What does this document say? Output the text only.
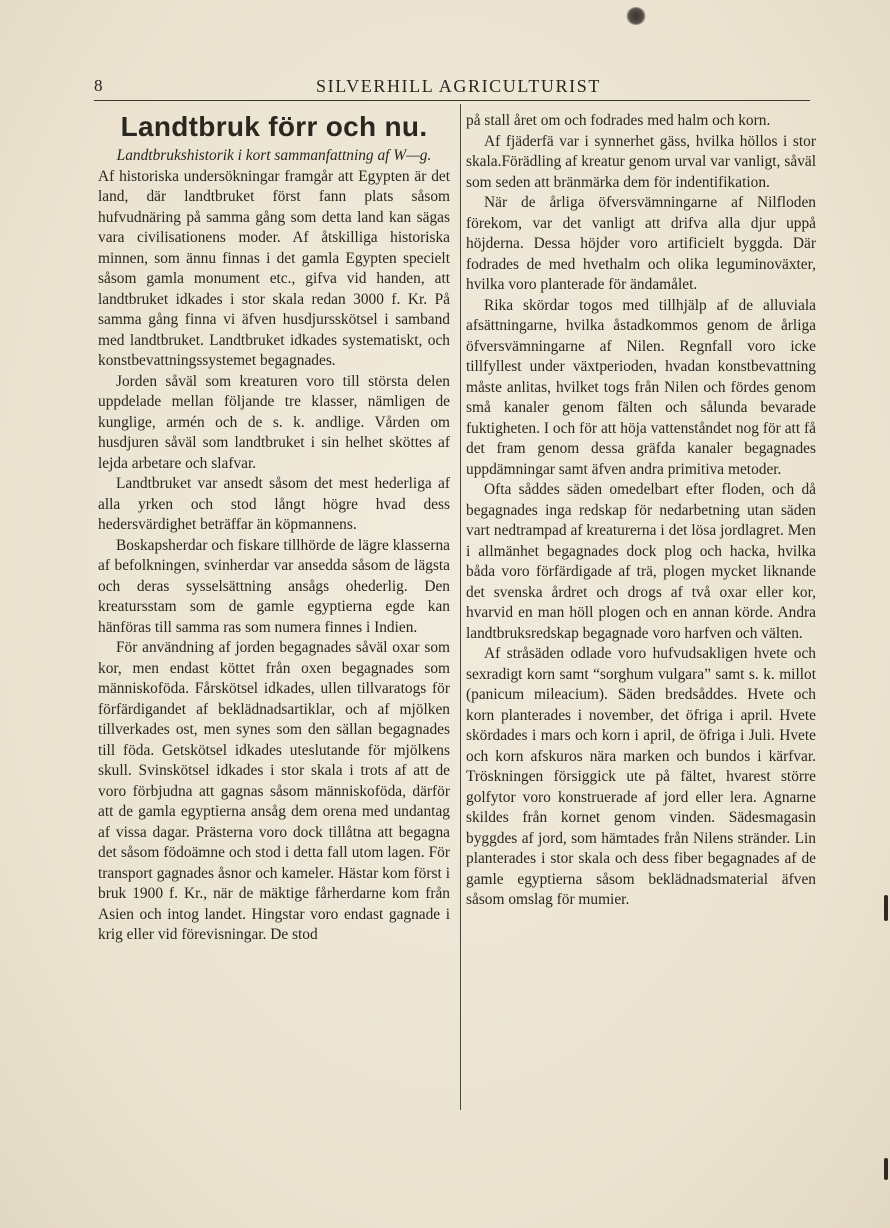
8	SILVERHILL AGRICULTURIST
Landtbruk förr och nu.

Landtbrukshistorik i kort sammanfattning af W—g.

Af historiska undersökningar framgår att Egypten är det land, där landtbruket först fann plats såsom hufvudnäring på samma gång som detta land kan sägas vara civilisationens moder. Af åtskilliga historiska minnen, som ännu finnas i det gamla Egypten specielt såsom gamla monument etc., gifva vid handen, att landtbruket idkades i stor skala redan 3000 f. Kr. På samma gång finna vi äfven husdjursskötsel i samband med landtbruket. Landtbruket idkades systematiskt, och konstbevattningssystemet begagnades.

Jorden såväl som kreaturen voro till största delen uppdelade mellan följande tre klasser, nämligen de kunglige, armén och de s. k. andlige. Vården om husdjuren såväl som landtbruket i sin helhet sköttes af lejda arbetare och slafvar.

Landtbruket var ansedt såsom det mest hederliga af alla yrken och stod långt högre hvad dess hedersvärdighet beträffar än köpmannens.

Boskapsherdar och fiskare tillhörde de lägre klasserna af befolkningen, svinherdar var ansedda såsom de lägsta och deras sysselsättning ansågs ohederlig. Den kreatursstam som de gamle egyptierna egde kan hänföras till samma ras som numera finnes i Indien.

För användning af jorden begagnades såväl oxar som kor, men endast köttet från oxen begagnades som människoföda. Fårskötsel idkades, ullen tillvaratogs för förfärdigandet af beklädnadsartiklar, och af mjölken tillverkades ost, men synes som den sällan begagnades till föda. Getskötsel idkades uteslutande för mjölkens skull. Svinskötsel idkades i stor skala i trots af att de voro förbjudna att gagnas såsom människoföda, därför att de gamla egyptierna ansåg dem orena med undantag af vissa dagar. Prästerna voro dock tillåtna att begagna det såsom födoämne och stod i detta fall utom lagen. För transport gagnades åsnor och kameler. Hästar kom först i bruk 1900 f. Kr., när de mäktige fårherdarne kom från Asien och intog landet. Hingstar voro endast gagnade i krig eller vid förevisningar. De stod

på stall året om och fodrades med halm och korn.

Af fjäderfä var i synnerhet gäss, hvilka höllos i stor skala.Förädling af kreatur genom urval var vanligt, såväl som seden att bränmärka dem för indentifikation.

När de årliga öfversvämningarne af Nilfloden förekom, var det vanligt att drifva alla djur uppå höjderna. Dessa höjder voro artificielt byggda. Där fodrades de med hvethalm och olika leguminoväxter, hvilka voro planterade för ändamålet.

Rika skördar togos med tillhjälp af de alluviala afsättningarne, hvilka åstadkommos genom de årliga öfversvämningarne af Nilen. Regnfall voro icke tillfyllest under växtperioden, hvadan konstbevattning måste anlitas, hvilket togs från Nilen och fördes genom små kanaler genom fälten och sålunda bevarade fuktigheten. I och för att höja vattenståndet nog för att få det fram genom dessa gräfda kanaler begagnades uppdämningar samt äfven andra primitiva metoder.

Ofta såddes säden omedelbart efter floden, och då begagnades inga redskap för nedarbetning utan säden vart nedtrampad af kreaturerna i det lösa jordlagret. Men i allmänhet begagnades dock plog och hacka, hvilka båda voro förfärdigade af trä, plogen mycket liknande det svenska årdret och drogs af två oxar eller kor, hvarvid en man höll plogen och en annan körde. Andra landtbruksredskap begagnade voro harfven och välten.

Af stråsäden odlade voro hufvudsakligen hvete och sexradigt korn samt “sorghum vulgara” samt s. k. millot (panicum mileacium). Säden bredsåddes. Hvete och korn planterades i november, det öfriga i april. Hvete skördades i mars och korn i april, de öfriga i Juli. Hvete och korn afskuros nära marken och bundos i kärfvar. Tröskningen försiggick ute på fältet, hvarest större golfytor voro konstruerade af jord eller lera. Agnarne skildes från kornet genom vinden. Sädesmagasin byggdes af jord, som hämtades från Nilens stränder. Lin planterades i stor skala och dess fiber begagnades af de gamle egyptierna såsom beklädnadsmaterial äfven såsom omslag för mumier.
